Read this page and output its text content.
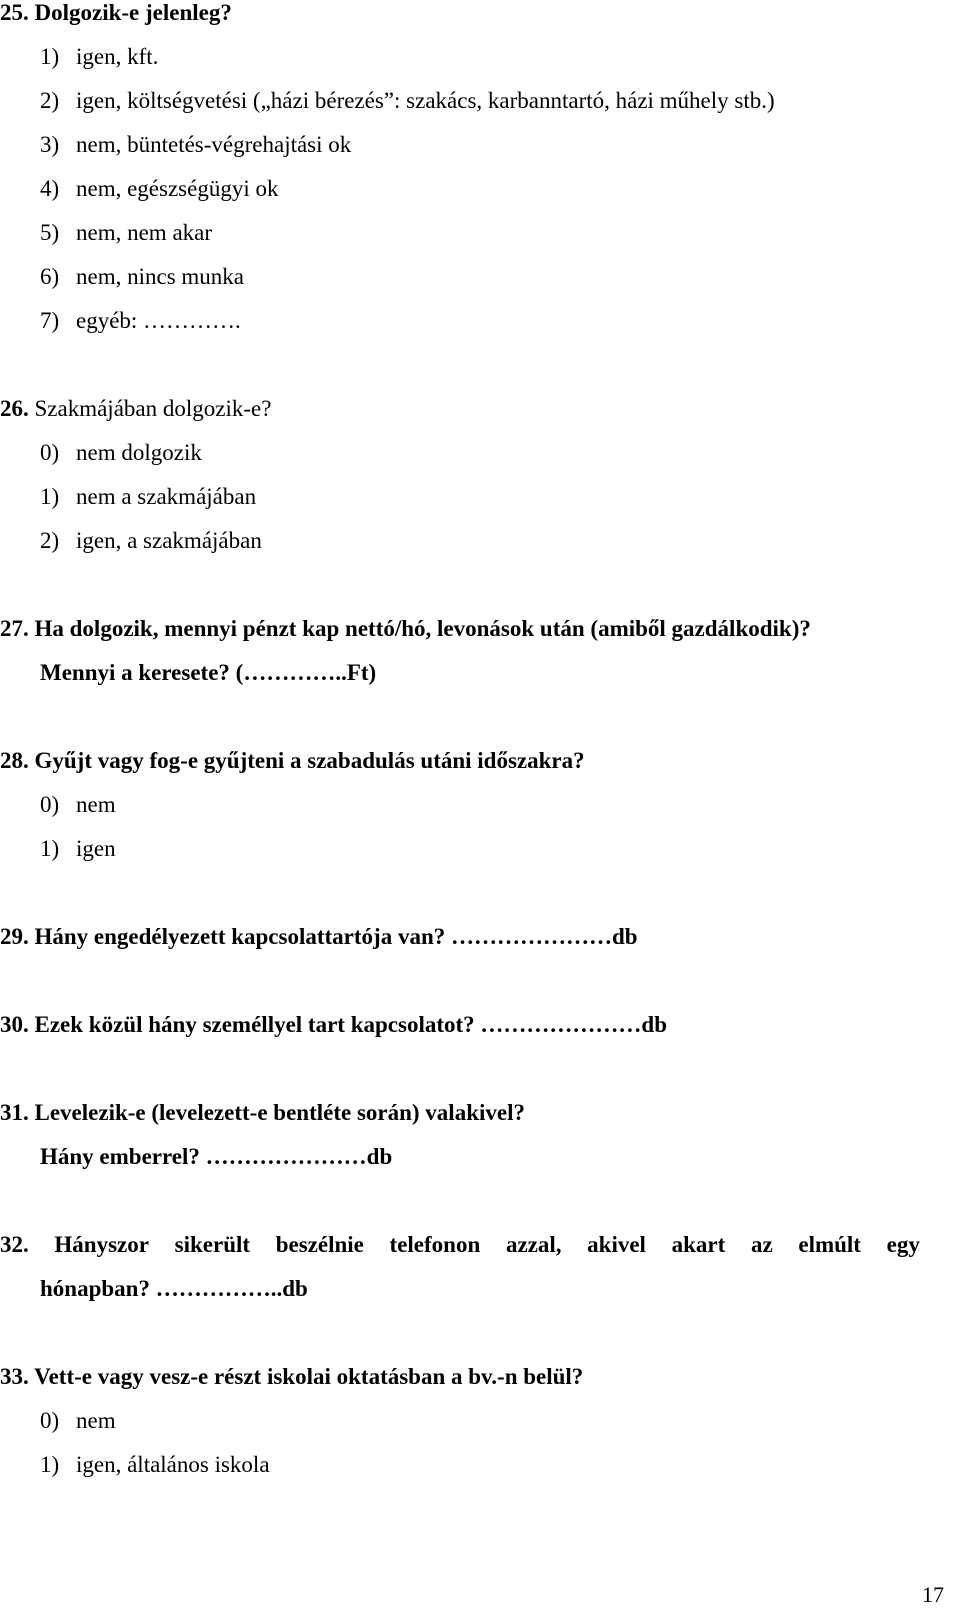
25. Dolgozik-e jelenleg?

1) igen, kft.

2) igen, költségvetési („házi bérezés”: szakács, karbanntartó, házi műhely stb.)

3) nem, büntetés-végrehajtási ok

4) nem, egészségügyi ok

5) nem, nem akar

6) nem, nincs munka

7) egyéb: ………….

26. Szakmájában dolgozik-e?

0) nem dolgozik

1) nem a szakmájában

2) igen, a szakmájában

27. Ha dolgozik, mennyi pénzt kap nettó/hó, levonások után (amiből gazdálkodik)?

Mennyi a keresete? (…………..Ft)

28. Gyűjt vagy fog-e gyűjteni a szabadulás utáni időszakra?

0) nem

1) igen

29. Hány engedélyezett kapcsolattartója van? …………………db

30. Ezek közül hány személlyel tart kapcsolatot? …………………db

31. Levelezik-e (levelezett-e bentléte során) valakivel?

Hány emberrel? …………………db

32. Hányszor sikerült beszélnie telefonon azzal, akivel akart az elmúlt egy

hónapban? ……………..db

33. Vett-e vagy vesz-e részt iskolai oktatásban a bv.-n belül?

0) nem

1) igen, általános iskola

17
